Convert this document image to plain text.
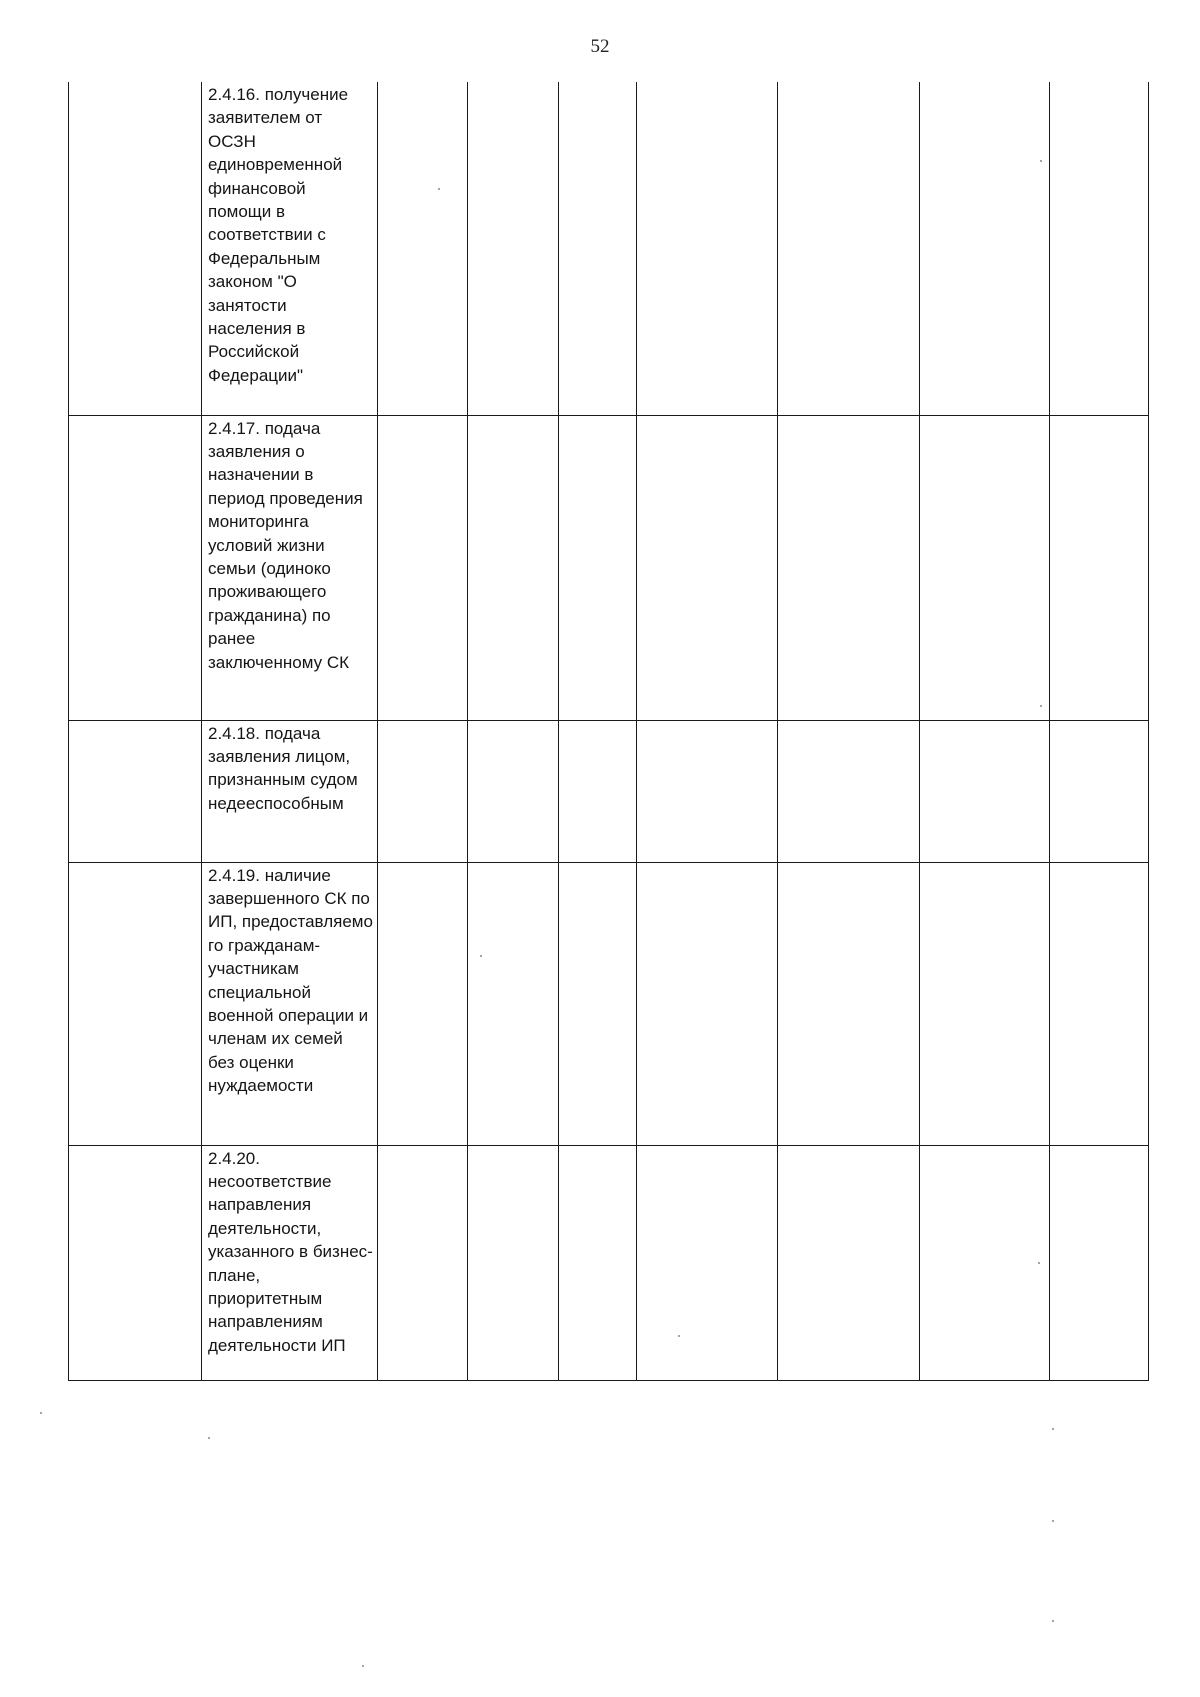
52
	2.4.16. получение заявителем от ОСЗН единовременной финансовой помощи в соответствии с Федеральным законом "О занятости населения в Российской Федерации"							
	2.4.17. подача заявления о назначении в период проведения мониторинга условий жизни семьи (одиноко проживающего гражданина) по ранее заключенному СК							
	2.4.18. подача заявления лицом, признанным судом недееспособным							
	2.4.19. наличие завершенного СК по ИП, предоставляемо го гражданам-участникам специальной военной операции и членам их семей без оценки нуждаемости							
	2.4.20. несоответствие направления деятельности, указанного в бизнес-плане, приоритетным направлениям деятельности ИП							
